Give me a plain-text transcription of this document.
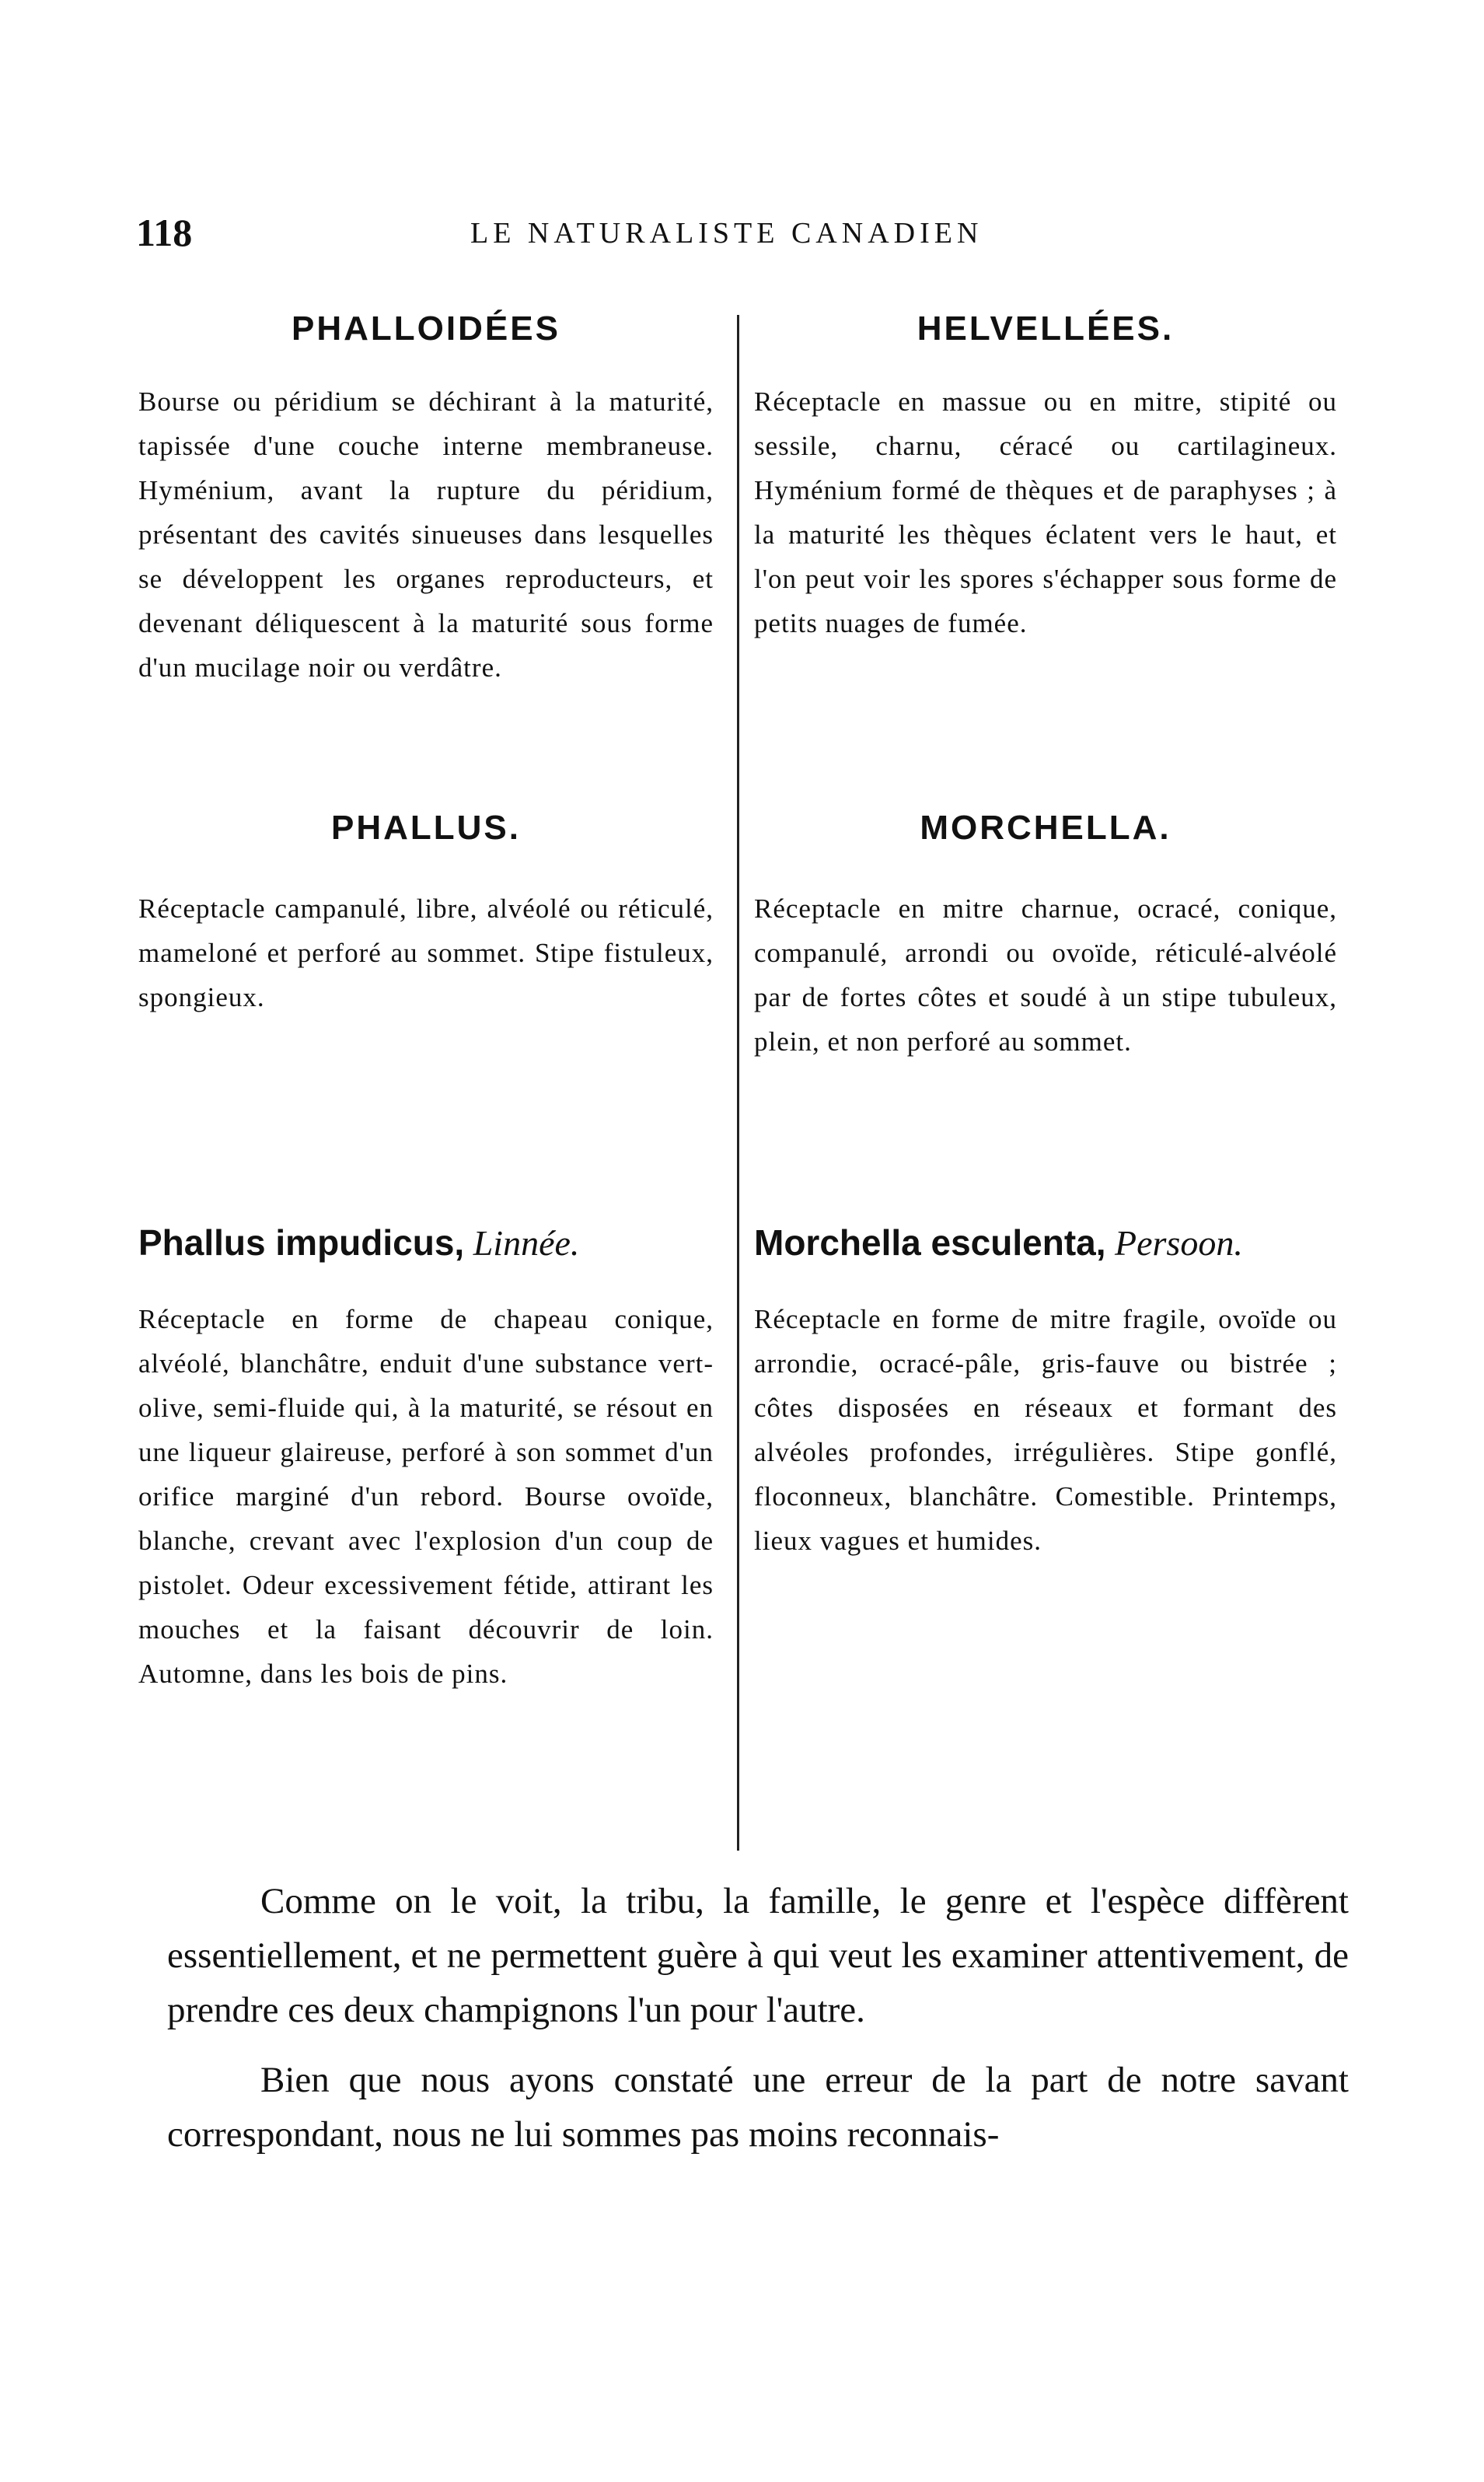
118	LE NATURALISTE CANADIEN
PHALLOIDÉES
Bourse ou péridium se déchirant à la maturité, tapissée d'une couche interne membraneuse. Hyménium, avant la rupture du péridium, présentant des cavités sinueuses dans lesquelles se développent les organes reproducteurs, et devenant déliquescent à la maturité sous forme d'un mucilage noir ou verdâtre.
PHALLUS.
Réceptacle campanulé, libre, alvéolé ou réticulé, mameloné et perforé au sommet. Stipe fistuleux, spongieux.
Phallus impudicus, Linnée.
Réceptacle en forme de chapeau conique, alvéolé, blanchâtre, enduit d'une substance vert-olive, semi-fluide qui, à la maturité, se résout en une liqueur glaireuse, perforé à son sommet d'un orifice marginé d'un rebord. Bourse ovoïde, blanche, crevant avec l'explosion d'un coup de pistolet. Odeur excessivement fétide, attirant les mouches et la faisant découvrir de loin. Automne, dans les bois de pins.
HELVELLÉES.
Réceptacle en massue ou en mitre, stipité ou sessile, charnu, céracé ou cartilagineux. Hyménium formé de thèques et de paraphyses ; à la maturité les thèques éclatent vers le haut, et l'on peut voir les spores s'échapper sous forme de petits nuages de fumée.
MORCHELLA.
Réceptacle en mitre charnue, ocracé, conique, companulé, arrondi ou ovoïde, réticulé-alvéolé par de fortes côtes et soudé à un stipe tubuleux, plein, et non perforé au sommet.
Morchella esculenta, Persoon.
Réceptacle en forme de mitre fragile, ovoïde ou arrondie, ocracé-pâle, gris-fauve ou bistrée ; côtes disposées en réseaux et formant des alvéoles profondes, irrégulières. Stipe gonflé, floconneux, blanchâtre. Comestible. Printemps, lieux vagues et humides.

Comme on le voit, la tribu, la famille, le genre et l'espèce diffèrent essentiellement, et ne permettent guère à qui veut les examiner attentivement, de prendre ces deux champignons l'un pour l'autre.

Bien que nous ayons constaté une erreur de la part de notre savant correspondant, nous ne lui sommes pas moins reconnais-
